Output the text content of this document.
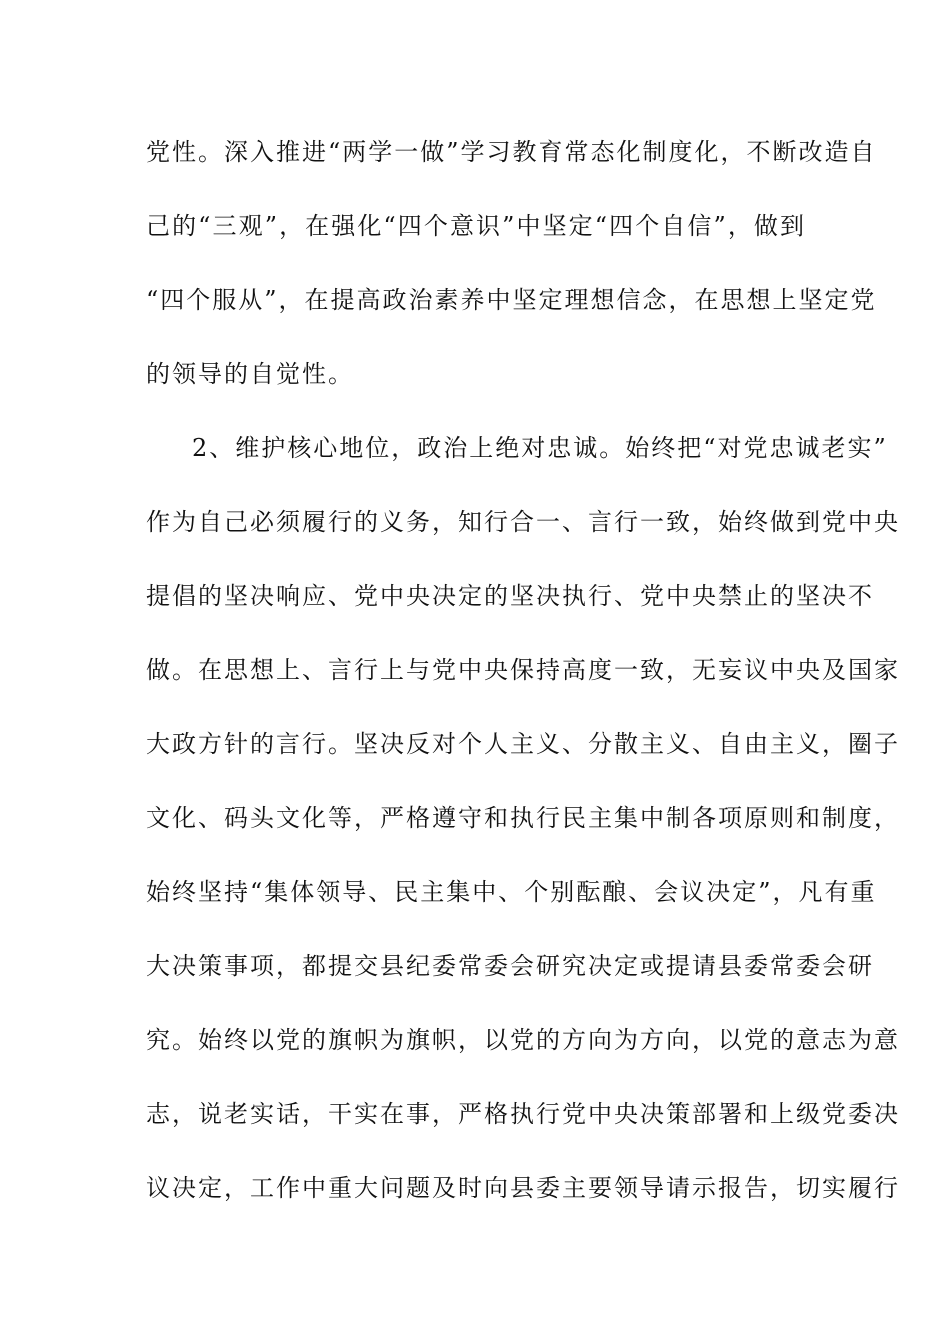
党性。深入推进“两学一做”学习教育常态化制度化，不断改造自
己的“三观”，在强化“四个意识”中坚定“四个自信”，做到
“四个服从”，在提高政治素养中坚定理想信念，在思想上坚定党
的领导的自觉性。
2、维护核心地位，政治上绝对忠诚。始终把“对党忠诚老实”
作为自己必须履行的义务，知行合一、言行一致，始终做到党中央
提倡的坚决响应、党中央决定的坚决执行、党中央禁止的坚决不
做。在思想上、言行上与党中央保持高度一致，无妄议中央及国家
大政方针的言行。坚决反对个人主义、分散主义、自由主义，圈子
文化、码头文化等，严格遵守和执行民主集中制各项原则和制度，
始终坚持“集体领导、民主集中、个别酝酿、会议决定”，凡有重
大决策事项，都提交县纪委常委会研究决定或提请县委常委会研
究。始终以党的旗帜为旗帜，以党的方向为方向，以党的意志为意
志，说老实话，干实在事，严格执行党中央决策部署和上级党委决
议决定，工作中重大问题及时向县委主要领导请示报告，切实履行
